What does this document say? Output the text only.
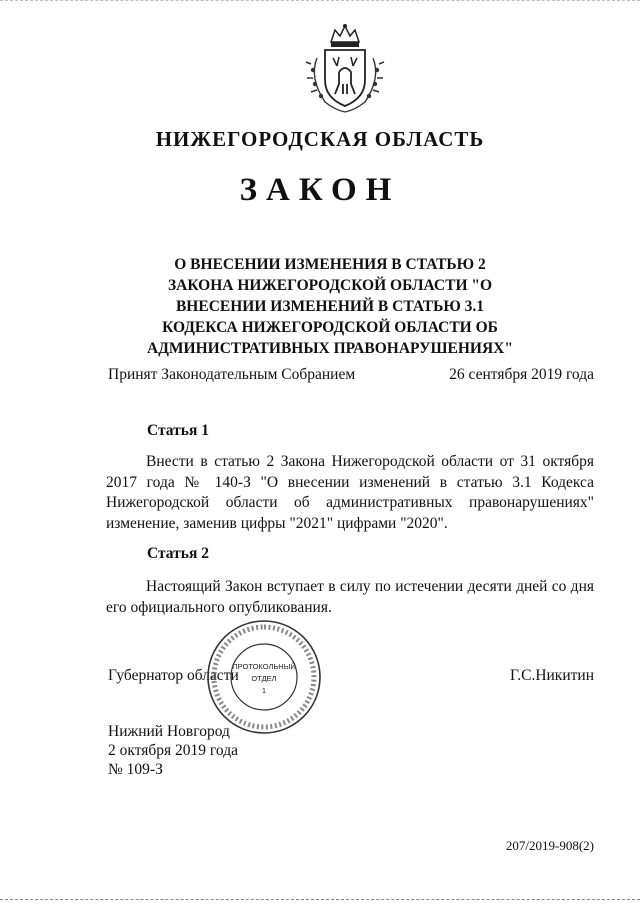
НИЖЕГОРОДСКАЯ ОБЛАСТЬ
ЗАКОН
О ВНЕСЕНИИ ИЗМЕНЕНИЯ В СТАТЬЮ 2 ЗАКОНА НИЖЕГОРОДСКОЙ ОБЛАСТИ "О ВНЕСЕНИИ ИЗМЕНЕНИЙ В СТАТЬЮ 3.1 КОДЕКСА НИЖЕГОРОДСКОЙ ОБЛАСТИ ОБ АДМИНИСТРАТИВНЫХ ПРАВОНАРУШЕНИЯХ"
Принят Законодательным Собранием	26 сентября 2019 года
Статья 1
Внести в статью 2 Закона Нижегородской области от 31 октября 2017 года № 140-З "О внесении изменений в статью 3.1 Кодекса Нижегородской области об административных правонарушениях" изменение, заменив цифры "2021" цифрами "2020".
Статья 2
Настоящий Закон вступает в силу по истечении десяти дней со дня его официального опубликования.
Губернатор области	Г.С.Никитин
ПРОТОКОЛЬНЫЙ
ОТДЕЛ
1
Нижний Новгород
2 октября 2019 года
№ 109-З
207/2019-908(2)
